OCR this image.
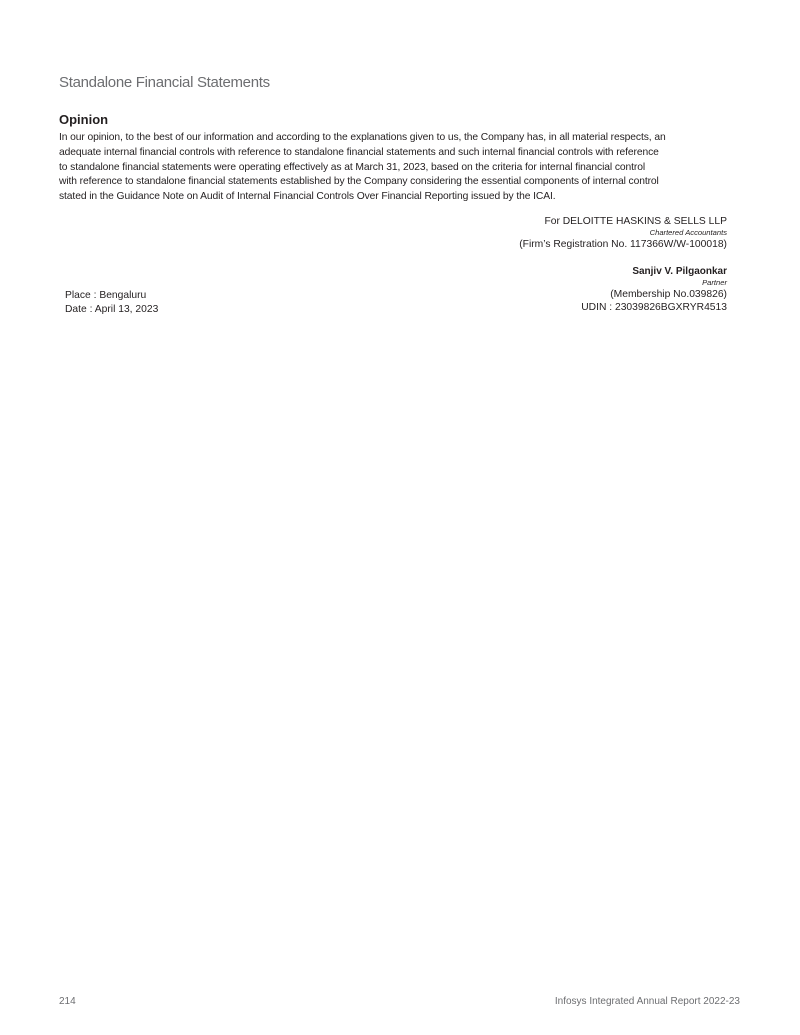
Standalone Financial Statements
Opinion
In our opinion, to the best of our information and according to the explanations given to us, the Company has, in all material respects, an
adequate internal financial controls with reference to standalone financial statements and such internal financial controls with reference
to standalone financial statements were operating effectively as at March 31, 2023, based on the criteria for internal financial control
with reference to standalone financial statements established by the Company considering the essential components of internal control
stated in the Guidance Note on Audit of Internal Financial Controls Over Financial Reporting issued by the ICAI.
For DELOITTE HASKINS & SELLS LLP
Chartered Accountants
(Firm’s Registration No. 117366W/W-100018)
Sanjiv V. Pilgaonkar
Partner
(Membership No.039826)
UDIN : 23039826BGXRYR4513
Place : Bengaluru
Date : April 13, 2023
214	Infosys Integrated Annual Report 2022-23
